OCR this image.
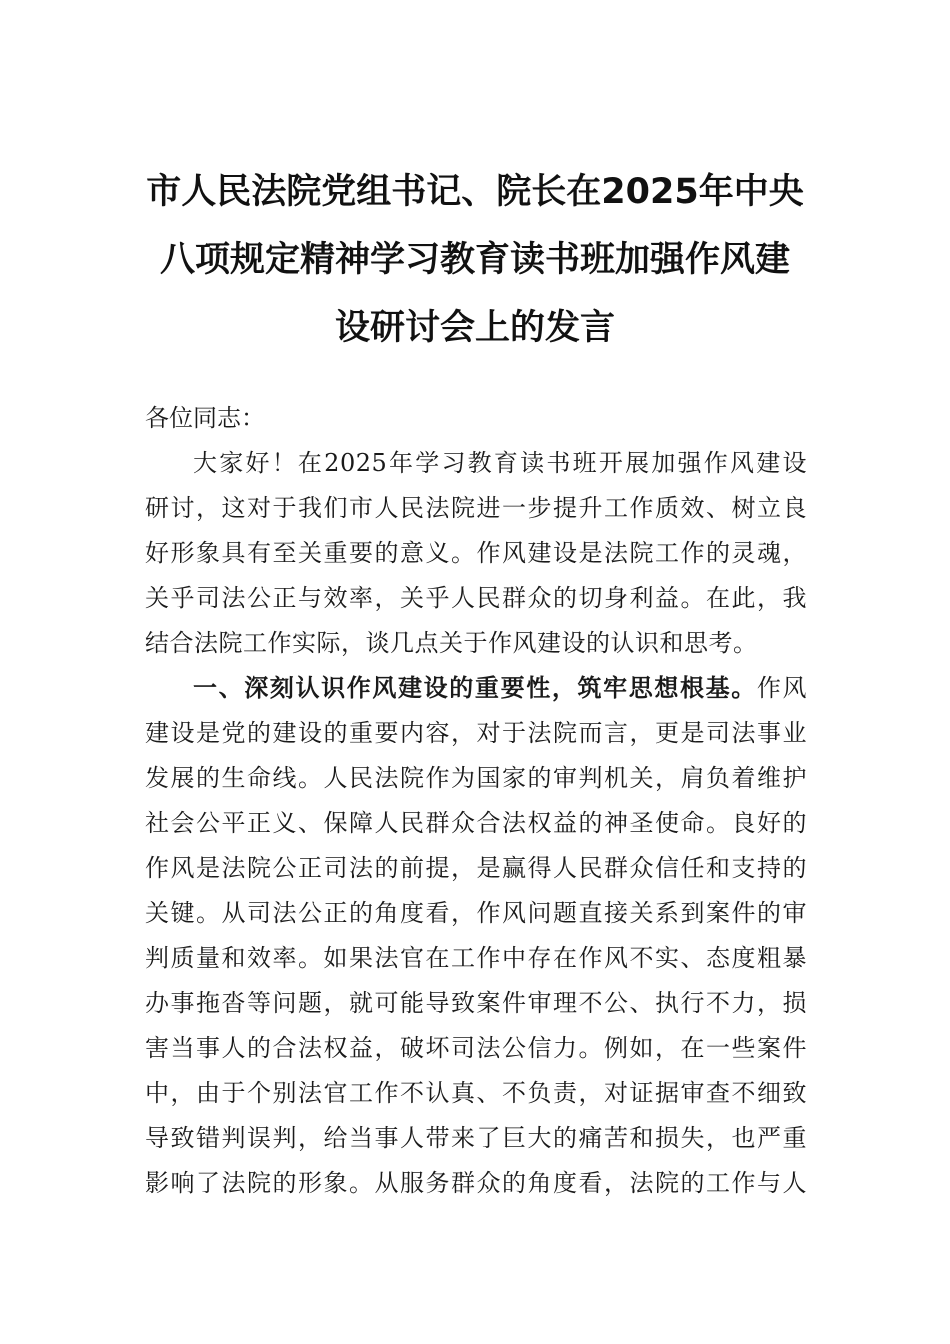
市人民法院党组书记、院长在2025年中央
八项规定精神学习教育读书班加强作风建
设研讨会上的发言
各位同志：
大家好！在2025年学习教育读书班开展加强作风建设
研讨，这对于我们市人民法院进一步提升工作质效、树立良
好形象具有至关重要的意义。作风建设是法院工作的灵魂，
关乎司法公正与效率，关乎人民群众的切身利益。在此，我
结合法院工作实际，谈几点关于作风建设的认识和思考。
一、深刻认识作风建设的重要性，筑牢思想根基。作风
建设是党的建设的重要内容，对于法院而言，更是司法事业
发展的生命线。人民法院作为国家的审判机关，肩负着维护
社会公平正义、保障人民群众合法权益的神圣使命。良好的
作风是法院公正司法的前提，是赢得人民群众信任和支持的
关键。从司法公正的角度看，作风问题直接关系到案件的审
判质量和效率。如果法官在工作中存在作风不实、态度粗暴
办事拖沓等问题，就可能导致案件审理不公、执行不力，损
害当事人的合法权益，破坏司法公信力。例如，在一些案件
中，由于个别法官工作不认真、不负责，对证据审查不细致
导致错判误判，给当事人带来了巨大的痛苦和损失，也严重
影响了法院的形象。从服务群众的角度看，法院的工作与人
